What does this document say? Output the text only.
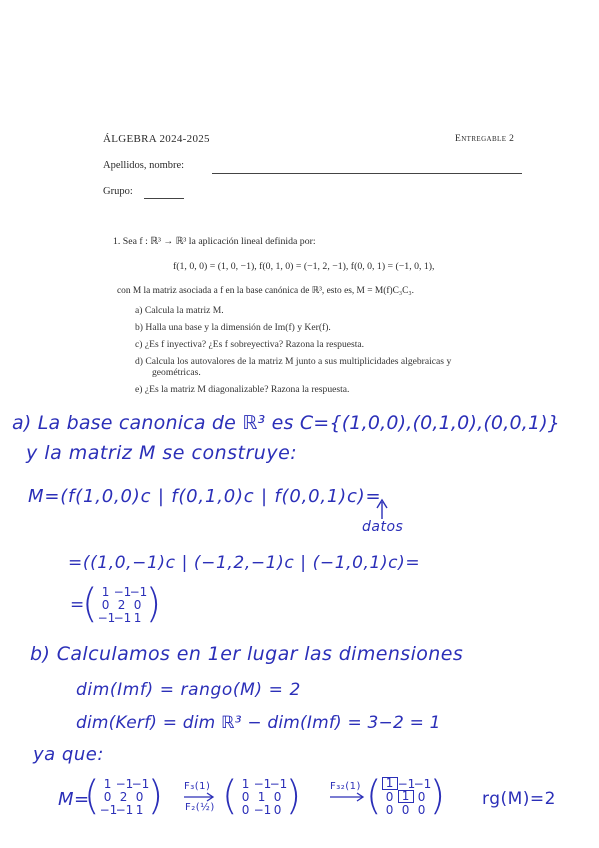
ÁLGEBRA 2024-2025	Entregable 2
Apellidos, nombre:
Grupo:
1. Sea f : ℝ³ → ℝ³ la aplicación lineal definida por:
f(1, 0, 0) = (1, 0, −1), f(0, 1, 0) = (−1, 2, −1), f(0, 0, 1) = (−1, 0, 1),
con M la matriz asociada a f en la base canónica de ℝ³, esto es, M = M(f)C₃C₃.
a) Calcula la matriz M.
b) Halla una base y la dimensión de Im(f) y Ker(f).
c) ¿Es f inyectiva? ¿Es f sobreyectiva? Razona la respuesta.
d) Calcula los autovalores de la matriz M junto a sus multiplicidades algebraicas y
geométricas.
e) ¿Es la matriz M diagonalizable? Razona la respuesta.
a) La base canonica de ℝ³ es C={(1,0,0),(0,1,0),(0,0,1)}
y la matriz M se construye:
M=(f(1,0,0)c | f(0,1,0)c | f(0,0,1)c)=
datos
=((1,0,−1)c | (−1,2,−1)c | (−1,0,1)c)=
=
( 1 −1
−1
0 2 0
−1
−1 1 )
b) Calculamos en 1er lugar las dimensiones
dim(Imf) = rango(M) = 2
dim(Kerf) = dim ℝ³ − dim(Imf) = 3−2 = 1
ya que:
M=
( 1 −1
−1
0 2 0
−1
−1 1 ) F₃(1)
F₂(½) ( 1 −1
−1
0 1 0
0 −1 0 )	F₃₂(1) ( 1 −1
−1
0 1 0
0 0 0 ) rg(M)=2
